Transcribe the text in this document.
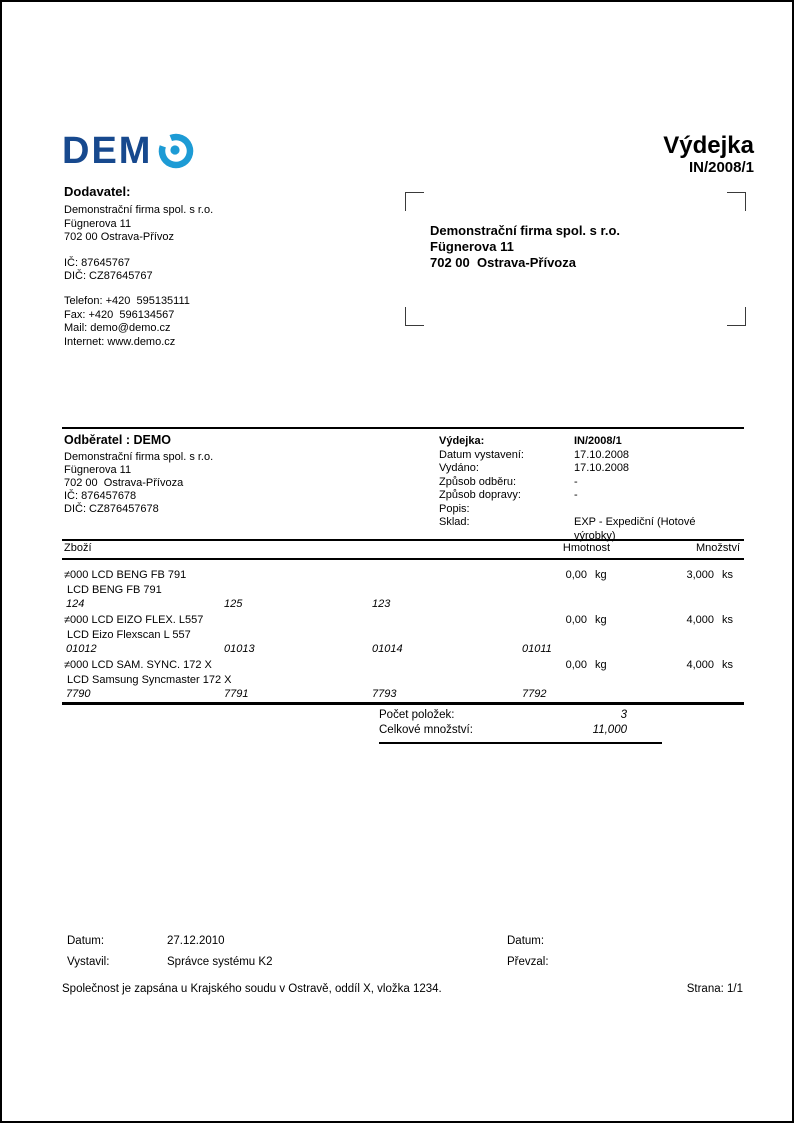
DEM	Výdejka
IN/2008/1
Dodavatel:
Demonstrační firma spol. s r.o.
Fügnerova 11
702 00 Ostrava-Přívoz
IČ: 87645767
DIČ: CZ87645767
Telefon: +420  595135111
Fax: +420  596134567
Mail: demo@demo.cz
Internet: www.demo.cz
Demonstrační firma spol. s r.o.
Fügnerova 11
702 00  Ostrava-Přívoza
Odběratel : DEMO
Demonstrační firma spol. s r.o.
Fügnerova 11
702 00  Ostrava-Přívoza
IČ: 876457678
DIČ: CZ876457678
Výdejka:	IN/2008/1
Datum vystavení:	17.10.2008
Vydáno:	17.10.2008
Způsob odběru:	-
Způsob dopravy:	-
Popis:
Sklad:	EXP - Expediční (Hotové výrobky)
Zboží	Hmotnost	Množství
≠000 LCD BENG FB 791	0,00 kg	3,000 ks
LCD BENG FB 791
124	125	123
≠000 LCD EIZO FLEX. L557	0,00 kg	4,000 ks
LCD Eizo Flexscan L 557
01012	01013	01014	01011
≠000 LCD SAM. SYNC. 172 X	0,00 kg	4,000 ks
LCD Samsung Syncmaster 172 X
7790	7791	7793	7792
Počet položek:	3
Celkové množství:	11,000
Datum:	27.12.2010
Vystavil:	Správce systému K2
Datum:
Převzal:
Společnost je zapsána u Krajského soudu v Ostravě, oddíl X, vložka 1234.	Strana: 1/1
